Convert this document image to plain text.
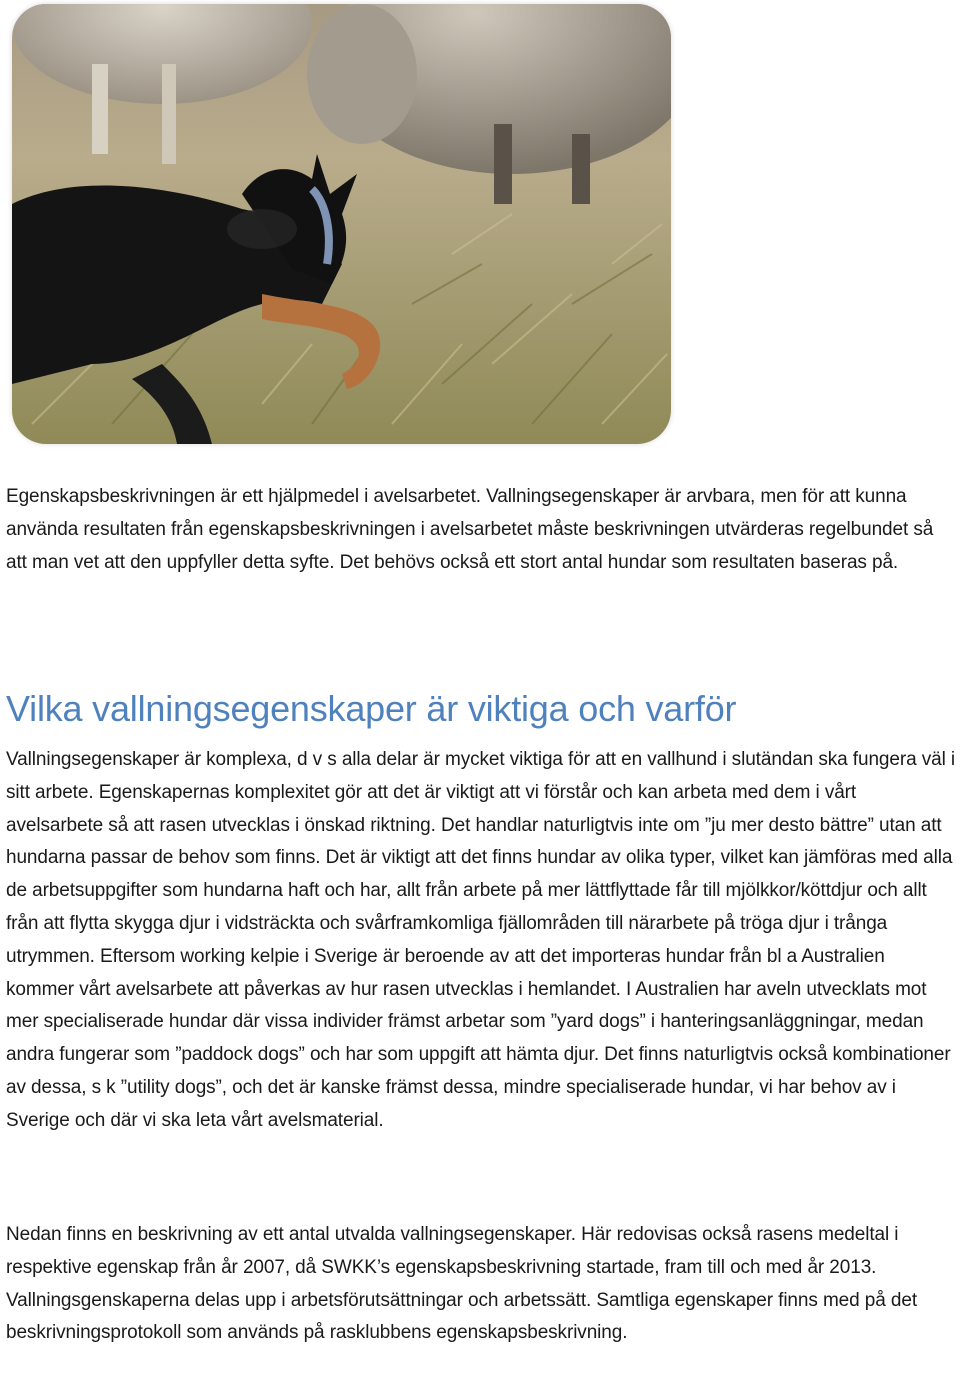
Egenskapsbeskrivningen är ett hjälpmedel i avelsarbetet. Vallningsegenskaper är arvbara, men för att kunna använda resultaten från egenskapsbeskrivningen i avelsarbetet måste beskrivningen utvärderas regelbundet så att man vet att den uppfyller detta syfte. Det behövs också ett stort antal hundar som resultaten baseras på.

Vilka vallningsegenskaper är viktiga och varför

Vallningsegenskaper är komplexa, d v s alla delar är mycket viktiga för att en vallhund i slutändan ska fungera väl i sitt arbete. Egenskapernas komplexitet gör att det är viktigt att vi förstår och kan arbeta med dem i vårt avelsarbete så att rasen utvecklas i önskad riktning. Det handlar naturligtvis inte om ”ju mer desto bättre” utan att hundarna passar de behov som finns. Det är viktigt att det finns hundar av olika typer, vilket kan jämföras med alla de arbetsuppgifter som hundarna haft och har, allt från arbete på mer lättflyttade får till mjölkkor/köttdjur och allt från att flytta skygga djur i vidsträckta och svårframkomliga fjällområden till närarbete på tröga djur i trånga utrymmen. Eftersom working kelpie i Sverige är beroende av att det importeras hundar från bl a Australien kommer vårt avelsarbete att påverkas av hur rasen utvecklas i hemlandet. I Australien har aveln utvecklats mot mer specialiserade hundar där vissa individer främst arbetar som ”yard dogs” i hanteringsanläggningar, medan andra fungerar som ”paddock dogs” och har som uppgift att hämta djur. Det finns naturligtvis också kombinationer av dessa, s k ”utility dogs”, och det är kanske främst dessa, mindre specialiserade hundar, vi har behov av i Sverige och där vi ska leta vårt avelsmaterial.

Nedan finns en beskrivning av ett antal utvalda vallningsegenskaper. Här redovisas också rasens medeltal i respektive egenskap från år 2007, då SWKK’s egenskapsbeskrivning startade, fram till och med år 2013. Vallningsgenskaperna delas upp i arbetsförutsättningar och arbetssätt. Samtliga egenskaper finns med på det beskrivningsprotokoll som används på rasklubbens egenskapsbeskrivning.
